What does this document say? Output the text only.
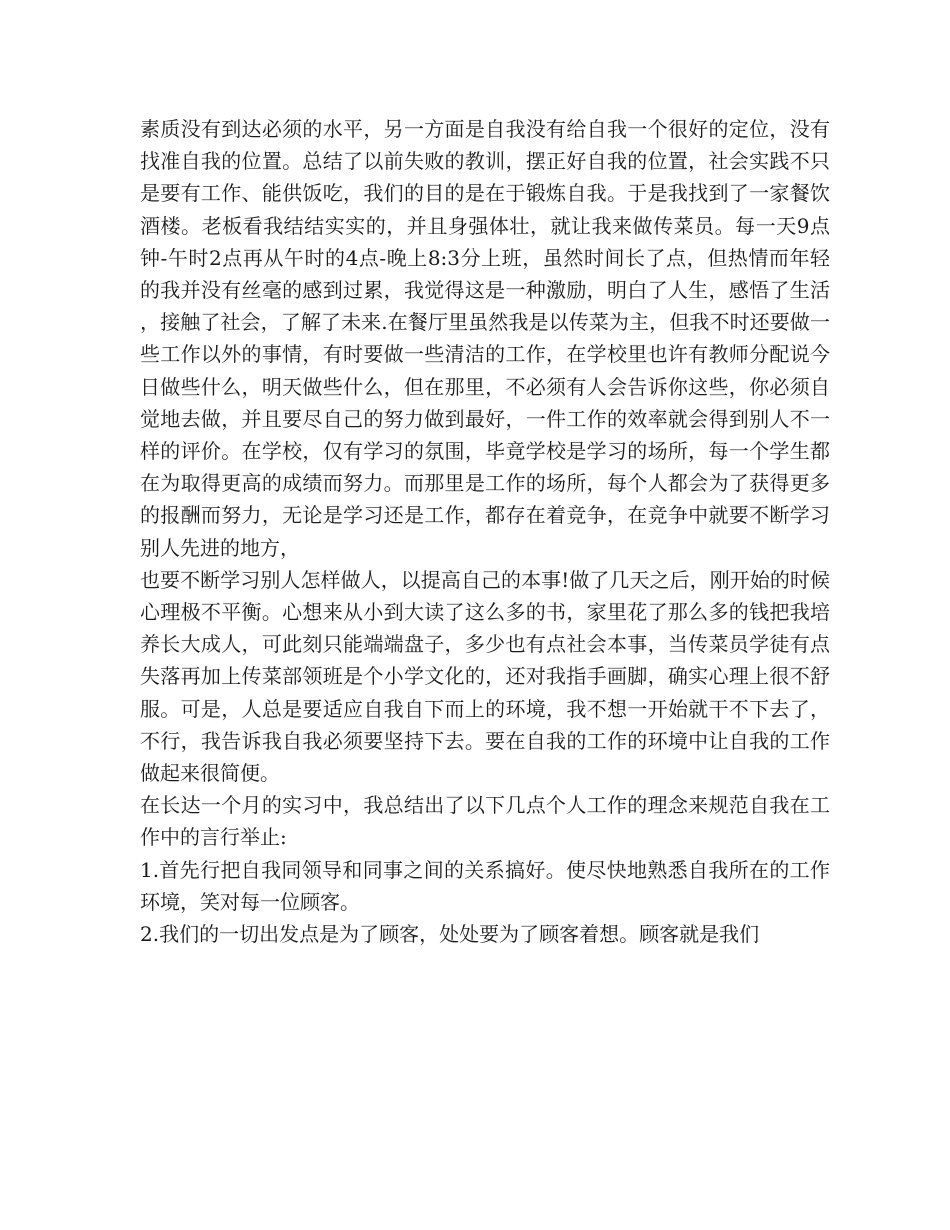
素质没有到达必须的水平，另一方面是自我没有给自我一个很好的定位，没有找准自我的位置。总结了以前失败的教训，摆正好自我的位置，社会实践不只是要有工作、能供饭吃，我们的目的是在于锻炼自我。于是我找到了一家餐饮酒楼。老板看我结结实实的，并且身强体壮，就让我来做传菜员。每一天9点钟-午时2点再从午时的4点-晚上8:3分上班，虽然时间长了点，但热情而年轻的我并没有丝毫的感到过累，我觉得这是一种激励，明白了人生，感悟了生活，接触了社会，了解了未来.在餐厅里虽然我是以传菜为主，但我不时还要做一些工作以外的事情，有时要做一些清洁的工作，在学校里也许有教师分配说今日做些什么，明天做些什么，但在那里，不必须有人会告诉你这些，你必须自觉地去做，并且要尽自己的努力做到最好，一件工作的效率就会得到别人不一样的评价。在学校，仅有学习的氛围，毕竟学校是学习的场所，每一个学生都在为取得更高的成绩而努力。而那里是工作的场所，每个人都会为了获得更多的报酬而努力，无论是学习还是工作，都存在着竞争，在竞争中就要不断学习别人先进的地方，

也要不断学习别人怎样做人，以提高自己的本事!做了几天之后，刚开始的时候心理极不平衡。心想来从小到大读了这么多的书，家里花了那么多的钱把我培养长大成人，可此刻只能端端盘子，多少也有点社会本事，当传菜员学徒有点失落再加上传菜部领班是个小学文化的，还对我指手画脚，确实心理上很不舒服。可是，人总是要适应自我自下而上的环境，我不想一开始就干不下去了，不行，我告诉我自我必须要坚持下去。要在自我的工作的环境中让自我的工作做起来很简便。

在长达一个月的实习中，我总结出了以下几点个人工作的理念来规范自我在工作中的言行举止:

1.首先行把自我同领导和同事之间的关系搞好。使尽快地熟悉自我所在的工作环境，笑对每一位顾客。

2.我们的一切出发点是为了顾客，处处要为了顾客着想。顾客就是我们
